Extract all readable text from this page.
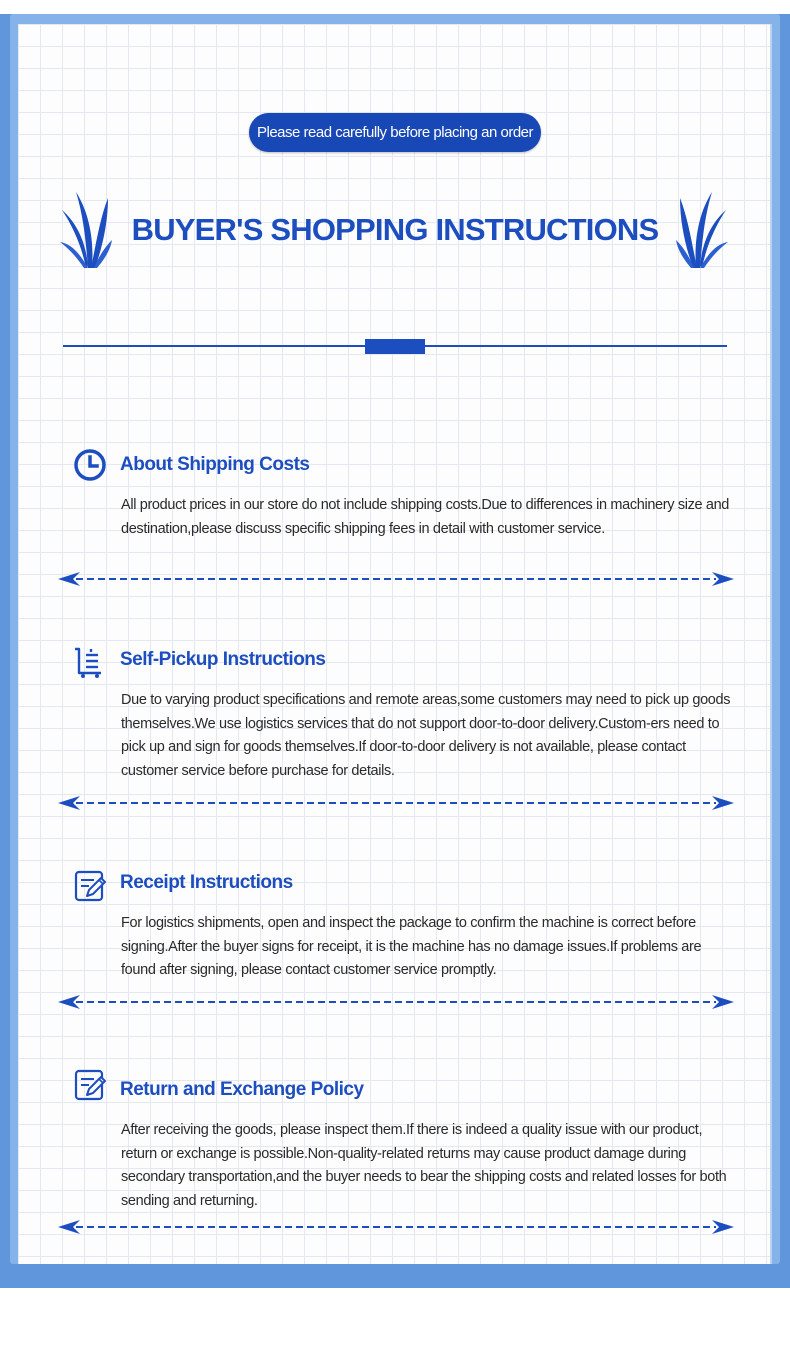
Please read carefully before placing an order
BUYER'S SHOPPING INSTRUCTIONS
About Shipping Costs
All product prices in our store do not include shipping costs.Due to differences in machinery size and destination,please discuss specific shipping fees in detail with customer service.
Self-Pickup Instructions
Due to varying product specifications and remote areas,some customers may need to pick up goods themselves.We use logistics services that do not support door-to-door delivery.Custom-ers need to pick up and sign for goods themselves.If door-to-door delivery is not available, please contact customer service before purchase for details.
Receipt Instructions
For logistics shipments, open and inspect the package to confirm the machine is correct before signing.After the buyer signs for receipt, it is the machine has no damage issues.If problems are found after signing, please contact customer service promptly.
Return and Exchange Policy
After receiving the goods, please inspect them.If there is indeed a quality issue with our product, return or exchange is possible.Non-quality-related returns may cause product damage during secondary transportation,and the buyer needs to bear the shipping costs and related losses for both sending and returning.
